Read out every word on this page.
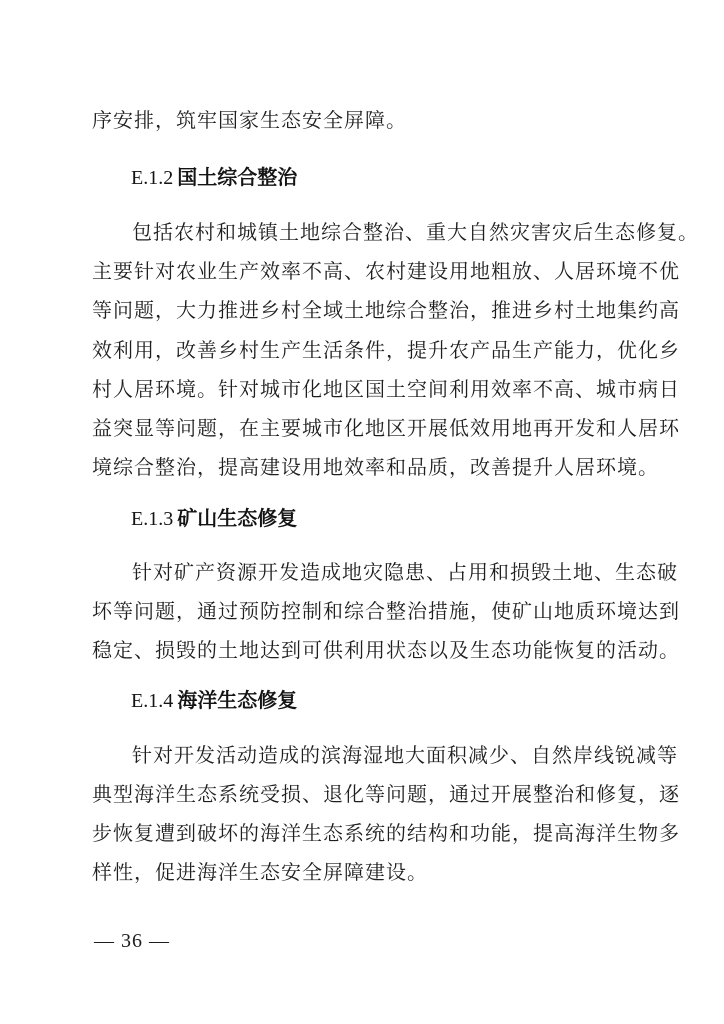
序安排，筑牢国家生态安全屏障。
E.1.2 国土综合整治
包括农村和城镇土地综合整治、重大自然灾害灾后生态修复。
主要针对农业生产效率不高、农村建设用地粗放、人居环境不优
等问题，大力推进乡村全域土地综合整治，推进乡村土地集约高
效利用，改善乡村生产生活条件，提升农产品生产能力，优化乡
村人居环境。针对城市化地区国土空间利用效率不高、城市病日
益突显等问题，在主要城市化地区开展低效用地再开发和人居环
境综合整治，提高建设用地效率和品质，改善提升人居环境。
E.1.3 矿山生态修复
针对矿产资源开发造成地灾隐患、占用和损毁土地、生态破
坏等问题，通过预防控制和综合整治措施，使矿山地质环境达到
稳定、损毁的土地达到可供利用状态以及生态功能恢复的活动。
E.1.4 海洋生态修复
针对开发活动造成的滨海湿地大面积减少、自然岸线锐减等
典型海洋生态系统受损、退化等问题，通过开展整治和修复，逐
步恢复遭到破坏的海洋生态系统的结构和功能，提高海洋生物多
样性，促进海洋生态安全屏障建设。
— 36 —
